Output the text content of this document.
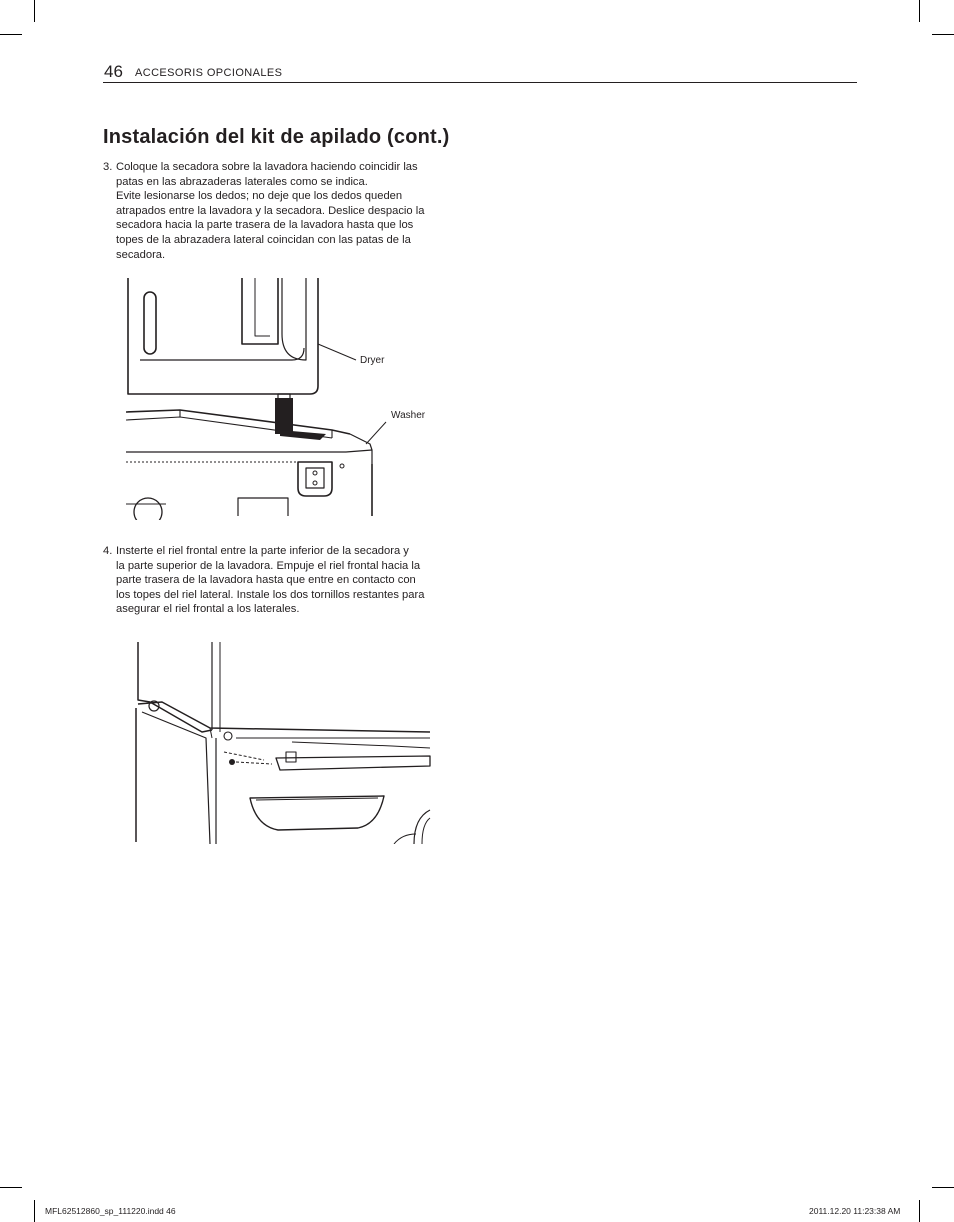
46 ACCESORIS OPCIONALES
Instalación del kit de apilado (cont.)
3. Coloque la secadora sobre la lavadora haciendo coincidir las
patas en las abrazaderas laterales como se indica.
Evite lesionarse los dedos; no deje que los dedos queden
atrapados entre la lavadora y la secadora. Deslice despacio la
secadora hacia la parte trasera de la lavadora hasta que los
topes de la abrazadera lateral coincidan con las patas de la
secadora.
Dryer
Washer
4. Insterte el riel frontal entre la parte inferior de la secadora y
la parte superior de la lavadora. Empuje el riel frontal hacia la
parte trasera de la lavadora hasta que entre en contacto con
los topes del riel lateral. Instale los dos tornillos restantes para
asegurar el riel frontal a los laterales.
MFL62512860_sp_111220.indd 46	2011.12.20 11:23:38 AM
